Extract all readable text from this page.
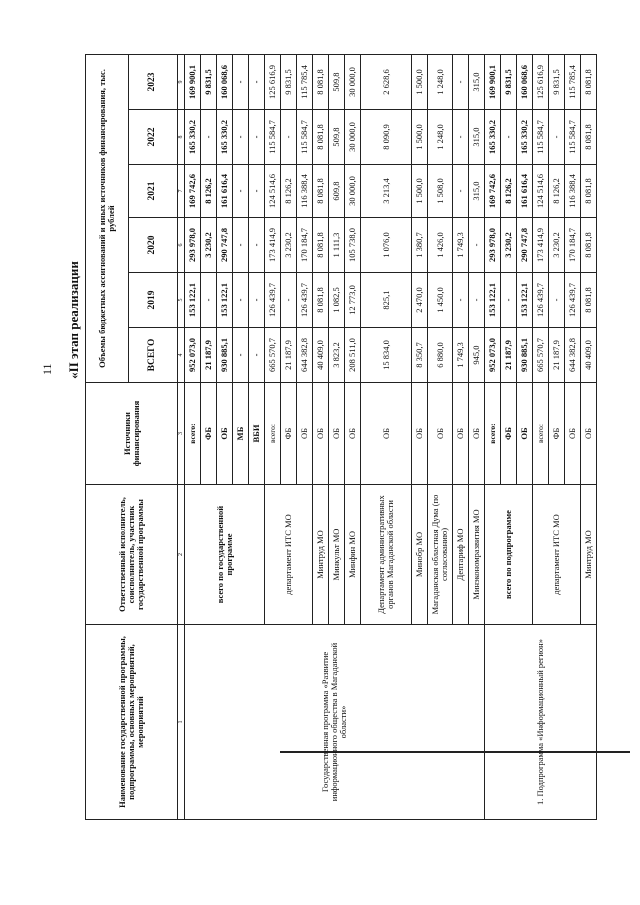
11 «II этап реализации
Наименование государственной программы, подпрограммы, основных мероприятий, мероприятий	Ответственный исполнитель, соисполнитель, участник государственной программы	Источники финансирования	Объемы бюджетных ассигнований и иных источников финансирования, тыс. рублей					
			ВСЕГО	2019	2020	2021	2022	2023
1	2	3	4	5	6	7	8	9
Государственная программа «Развитие информационного общества в Магаданской области»	всего по государственной программе	всего:	952 073,0	153 122,1	293 978,0	169 742,6	165 330,2	169 900,1
		ФБ	21 187,9	-	3 230,2	8 126,2	-	9 831,5
		ОБ	930 885,1	153 122,1	290 747,8	161 616,4	165 330,2	160 068,6
		МБ	-	-	-	-	-	-
		ВБИ	-	-	-	-	-	-
	департамент ИТС МО	всего:	665 570,7	126 439,7	173 414,9	124 514,6	115 584,7	125 616,9
		ФБ	21 187,9	-	3 230,2	8 126,2	-	9 831,5
		ОБ	644 382,8	126 439,7	170 184,7	116 388,4	115 584,7	115 785,4
	Минтруд МО	ОБ	40 409,0	8 081,8	8 081,8	8 081,8	8 081,8	8 081,8
	Минкульт МО	ОБ	3 823,2	1 082,5	1 111,3	609,8	509,8	509,8
	Минфин МО	ОБ	208 511,0	12 773,0	105 738,0	30 000,0	30 000,0	30 000,0
	Департамент административных органов Магаданской области	ОБ	15 834,0	825,1	1 076,0	3 213,4	8 090,9	2 628,6
	Минобр МО	ОБ	8 350,7	2 470,0	1 380,7	1 500,0	1 500,0	1 500,0
	Магаданская областная Дума (по согласованию)	ОБ	6 880,0	1 450,0	1 426,0	1 508,0	1 248,0	1 248,0
	Дептариф МО	ОБ	1 749,3	-	1 749,3	-	-	-
	Минэкономразвития МО	ОБ	945,0	-	-	315,0	315,0	315,0
1. Подпрограмма «Информационный регион»	всего по подпрограмме	всего:	952 073,0	153 122,1	293 978,0	169 742,6	165 330,2	169 900,1
		ФБ	21 187,9	-	3 230,2	8 126,2	-	9 831,5
		ОБ	930 885,1	153 122,1	290 747,8	161 616,4	165 330,2	160 068,6
	департамент ИТС МО	всего:	665 570,7	126 439,7	173 414,9	124 514,6	115 584,7	125 616,9
		ФБ	21 187,9	-	3 230,2	8 126,2	-	9 831,5
		ОБ	644 382,8	126 439,7	170 184,7	116 388,4	115 584,7	115 785,4
	Минтруд МО	ОБ	40 409,0	8 081,8	8 081,8	8 081,8	8 081,8	8 081,8
